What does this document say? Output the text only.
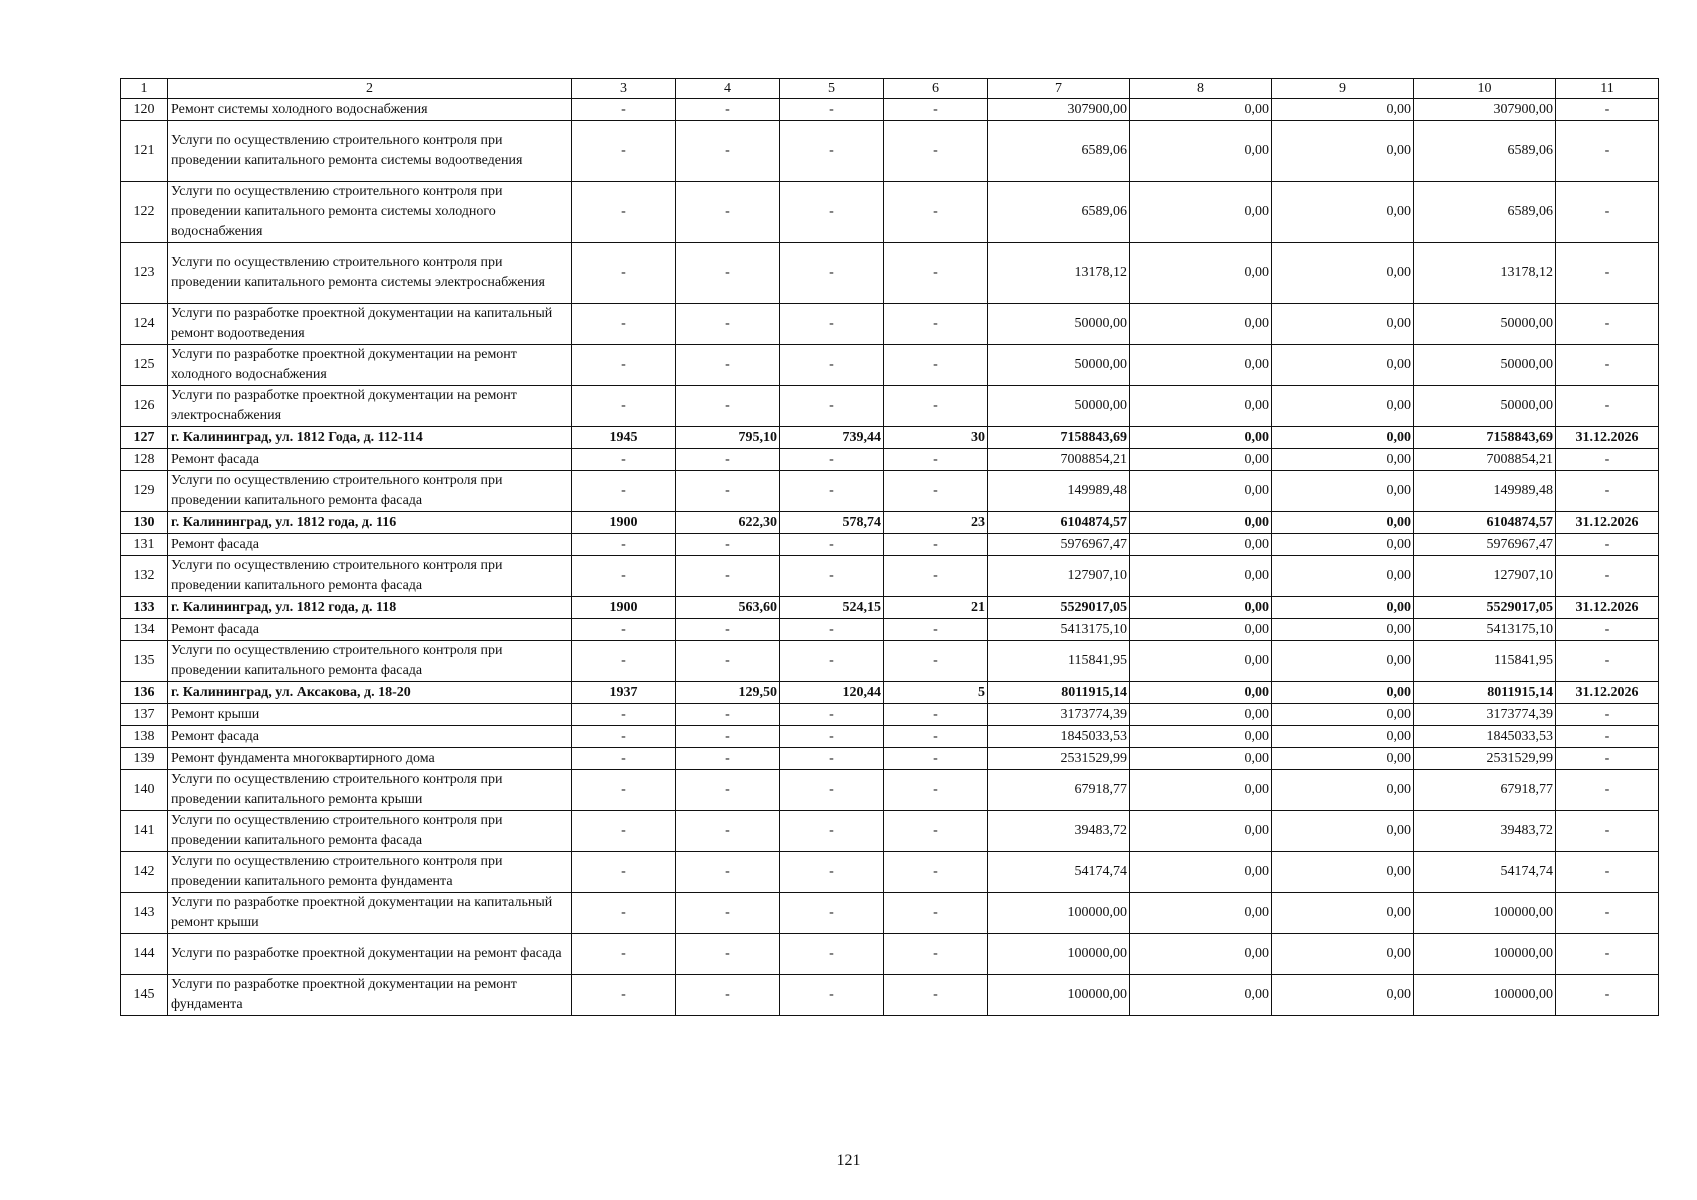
1	2	3	4	5	6	7	8	9	10	11
120	Ремонт системы холодного водоснабжения	-	-	-	-	307900,00	0,00	0,00	307900,00	-
121	Услуги по осуществлению строительного контроля при проведении капитального ремонта системы водоотведения	-	-	-	-	6589,06	0,00	0,00	6589,06	-
122	Услуги по осуществлению строительного контроля при проведении капитального ремонта системы холодного водоснабжения	-	-	-	-	6589,06	0,00	0,00	6589,06	-
123	Услуги по осуществлению строительного контроля при проведении капитального ремонта системы электроснабжения	-	-	-	-	13178,12	0,00	0,00	13178,12	-
124	Услуги по разработке проектной документации на капитальный ремонт водоотведения	-	-	-	-	50000,00	0,00	0,00	50000,00	-
125	Услуги по разработке проектной документации на ремонт холодного водоснабжения	-	-	-	-	50000,00	0,00	0,00	50000,00	-
126	Услуги по разработке проектной документации на ремонт электроснабжения	-	-	-	-	50000,00	0,00	0,00	50000,00	-
127	г. Калининград, ул. 1812 Года, д. 112-114	1945	795,10	739,44	30	7158843,69	0,00	0,00	7158843,69	31.12.2026
128	Ремонт фасада	-	-	-	-	7008854,21	0,00	0,00	7008854,21	-
129	Услуги по осуществлению строительного контроля при проведении капитального ремонта фасада	-	-	-	-	149989,48	0,00	0,00	149989,48	-
130	г. Калининград, ул. 1812 года, д. 116	1900	622,30	578,74	23	6104874,57	0,00	0,00	6104874,57	31.12.2026
131	Ремонт фасада	-	-	-	-	5976967,47	0,00	0,00	5976967,47	-
132	Услуги по осуществлению строительного контроля при проведении капитального ремонта фасада	-	-	-	-	127907,10	0,00	0,00	127907,10	-
133	г. Калининград, ул. 1812 года, д. 118	1900	563,60	524,15	21	5529017,05	0,00	0,00	5529017,05	31.12.2026
134	Ремонт фасада	-	-	-	-	5413175,10	0,00	0,00	5413175,10	-
135	Услуги по осуществлению строительного контроля при проведении капитального ремонта фасада	-	-	-	-	115841,95	0,00	0,00	115841,95	-
136	г. Калининград, ул. Аксакова, д. 18-20	1937	129,50	120,44	5	8011915,14	0,00	0,00	8011915,14	31.12.2026
137	Ремонт крыши	-	-	-	-	3173774,39	0,00	0,00	3173774,39	-
138	Ремонт фасада	-	-	-	-	1845033,53	0,00	0,00	1845033,53	-
139	Ремонт фундамента многоквартирного дома	-	-	-	-	2531529,99	0,00	0,00	2531529,99	-
140	Услуги по осуществлению строительного контроля при проведении капитального ремонта крыши	-	-	-	-	67918,77	0,00	0,00	67918,77	-
141	Услуги по осуществлению строительного контроля при проведении капитального ремонта фасада	-	-	-	-	39483,72	0,00	0,00	39483,72	-
142	Услуги по осуществлению строительного контроля при проведении капитального ремонта фундамента	-	-	-	-	54174,74	0,00	0,00	54174,74	-
143	Услуги по разработке проектной документации на капитальный ремонт крыши	-	-	-	-	100000,00	0,00	0,00	100000,00	-
144	Услуги по разработке проектной документации на ремонт фасада	-	-	-	-	100000,00	0,00	0,00	100000,00	-
145	Услуги по разработке проектной документации на ремонт фундамента	-	-	-	-	100000,00	0,00	0,00	100000,00	-
121
